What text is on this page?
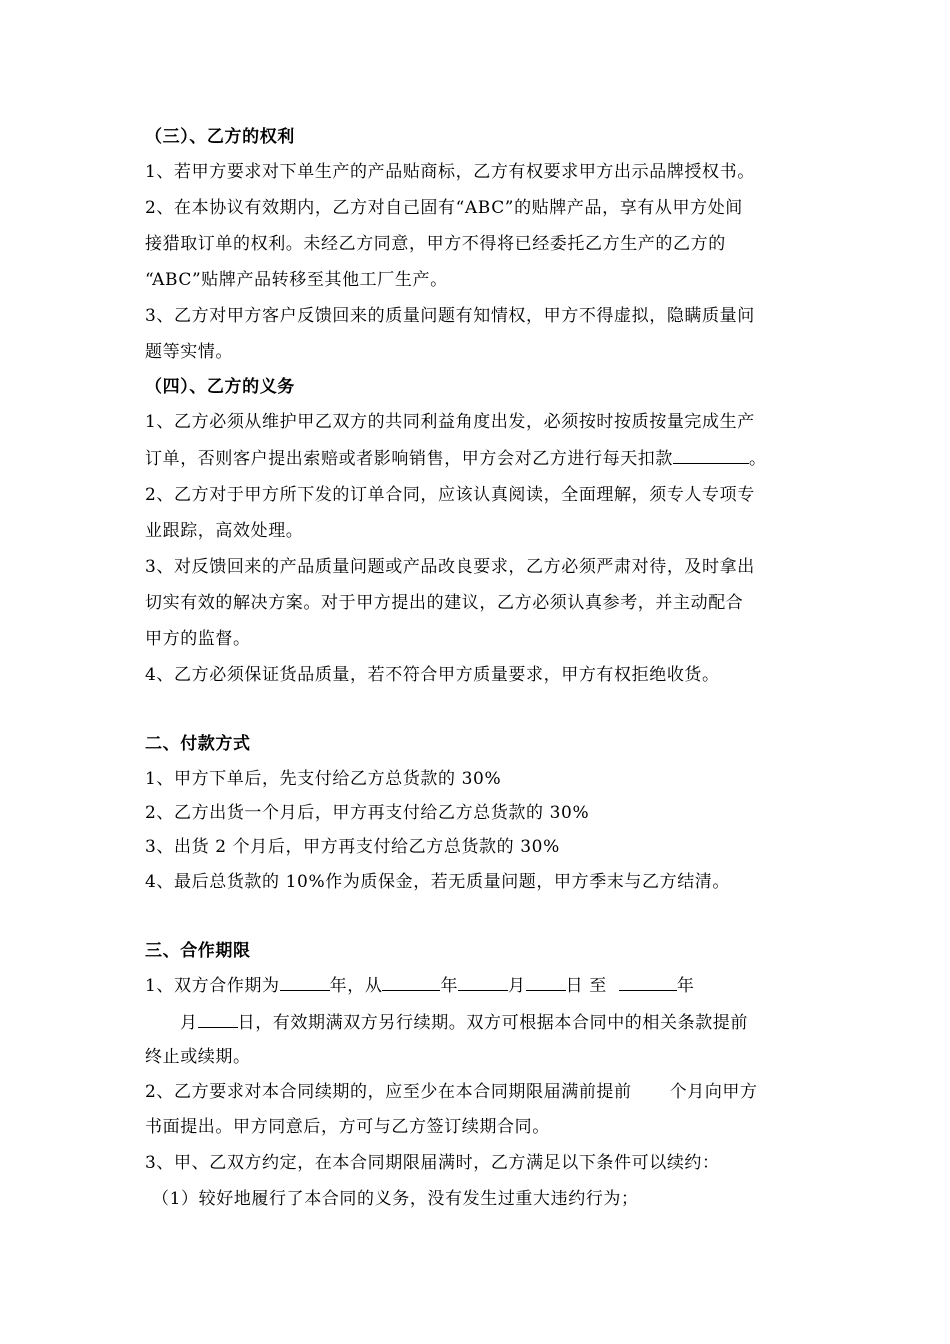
（三）、乙方的权利
1、若甲方要求对下单生产的产品贴商标，乙方有权要求甲方出示品牌授权书。
2、在本协议有效期内，乙方对自己固有“ABC”的贴牌产品，享有从甲方处间
接猎取订单的权利。未经乙方同意，甲方不得将已经委托乙方生产的乙方的
“ABC”贴牌产品转移至其他工厂生产。
3、乙方对甲方客户反馈回来的质量问题有知情权，甲方不得虚拟，隐瞒质量问
题等实情。
（四）、乙方的义务
1、乙方必须从维护甲乙双方的共同利益角度出发，必须按时按质按量完成生产
订单，否则客户提出索赔或者影响销售，甲方会对乙方进行每天扣款	。
2、乙方对于甲方所下发的订单合同，应该认真阅读，全面理解，须专人专项专
业跟踪，高效处理。
3、对反馈回来的产品质量问题或产品改良要求，乙方必须严肃对待，及时拿出
切实有效的解决方案。对于甲方提出的建议，乙方必须认真参考，并主动配合
甲方的监督。
4、乙方必须保证货品质量，若不符合甲方质量要求，甲方有权拒绝收货。
二、付款方式
1、甲方下单后，先支付给乙方总货款的 30%
2、乙方出货一个月后，甲方再支付给乙方总货款的 30%
3、出货 2 个月后，甲方再支付给乙方总货款的 30%
4、最后总货款的 10%作为质保金，若无质量问题，甲方季末与乙方结清。
三、合作期限
1、双方合作期为	年，从	年	月 日 至	年
月 日，有效期满双方另行续期。双方可根据本合同中的相关条款提前
终止或续期。
2、乙方要求对本合同续期的，应至少在本合同期限届满前提前 个月向甲方
书面提出。甲方同意后，方可与乙方签订续期合同。
3、甲、乙双方约定，在本合同期限届满时，乙方满足以下条件可以续约：
（1）较好地履行了本合同的义务，没有发生过重大违约行为；
